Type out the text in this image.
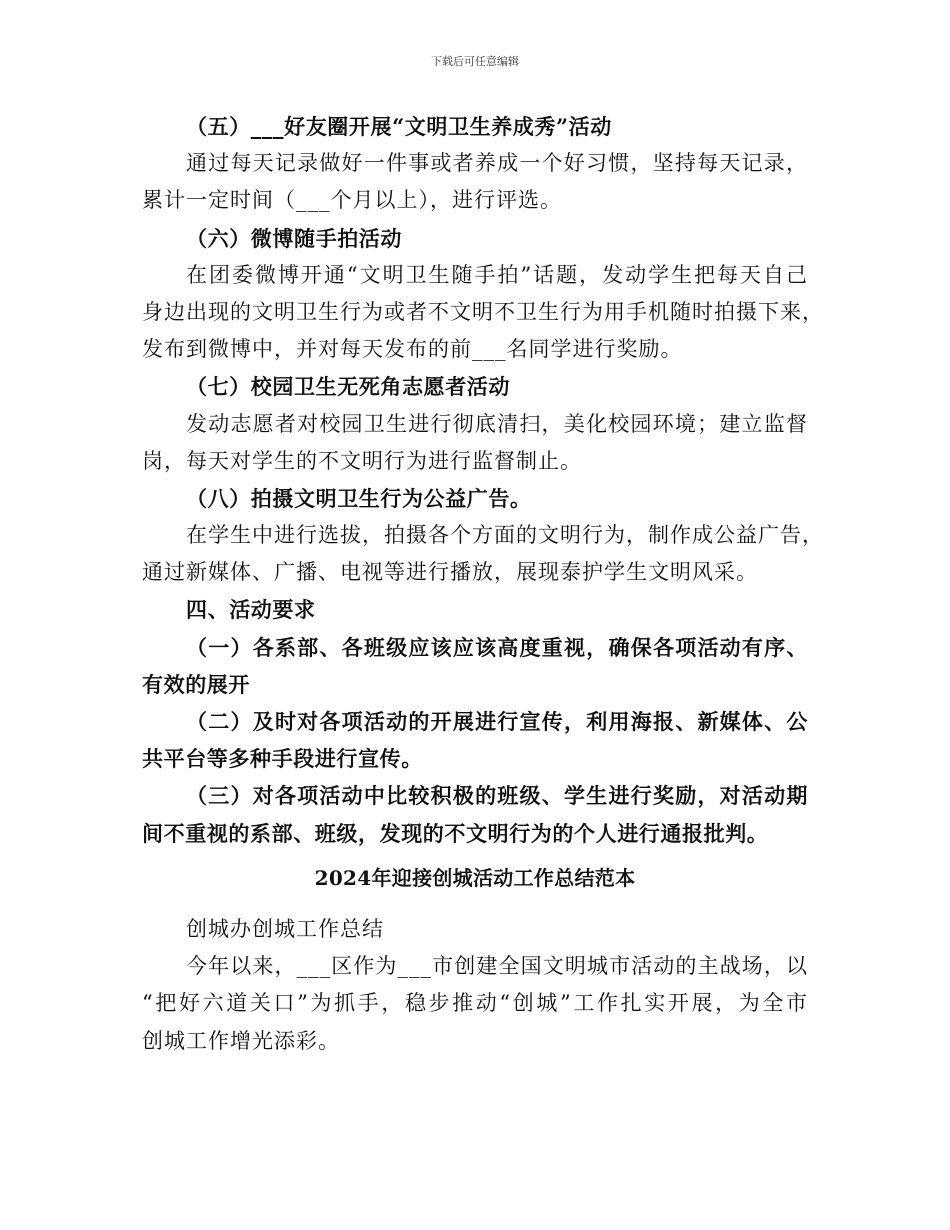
下载后可任意编辑
（五）___好友圈开展“文明卫生养成秀”活动
通过每天记录做好一件事或者养成一个好习惯，坚持每天记录，
累计一定时间（___个月以上），进行评选。
（六）微博随手拍活动
在团委微博开通“文明卫生随手拍”话题，发动学生把每天自己
身边出现的文明卫生行为或者不文明不卫生行为用手机随时拍摄下来，
发布到微博中，并对每天发布的前___名同学进行奖励。
（七）校园卫生无死角志愿者活动
发动志愿者对校园卫生进行彻底清扫，美化校园环境；建立监督
岗，每天对学生的不文明行为进行监督制止。
（八）拍摄文明卫生行为公益广告。
在学生中进行选拔，拍摄各个方面的文明行为，制作成公益广告，
通过新媒体、广播、电视等进行播放，展现泰护学生文明风采。
四、活动要求
（一）各系部、各班级应该应该高度重视，确保各项活动有序、
有效的展开
（二）及时对各项活动的开展进行宣传，利用海报、新媒体、公
共平台等多种手段进行宣传。
（三）对各项活动中比较积极的班级、学生进行奖励，对活动期
间不重视的系部、班级，发现的不文明行为的个人进行通报批判。
2024年迎接创城活动工作总结范本
创城办创城工作总结
今年以来，___区作为___市创建全国文明城市活动的主战场，以
“把好六道关口”为抓手，稳步推动“创城”工作扎实开展，为全市
创城工作增光添彩。
